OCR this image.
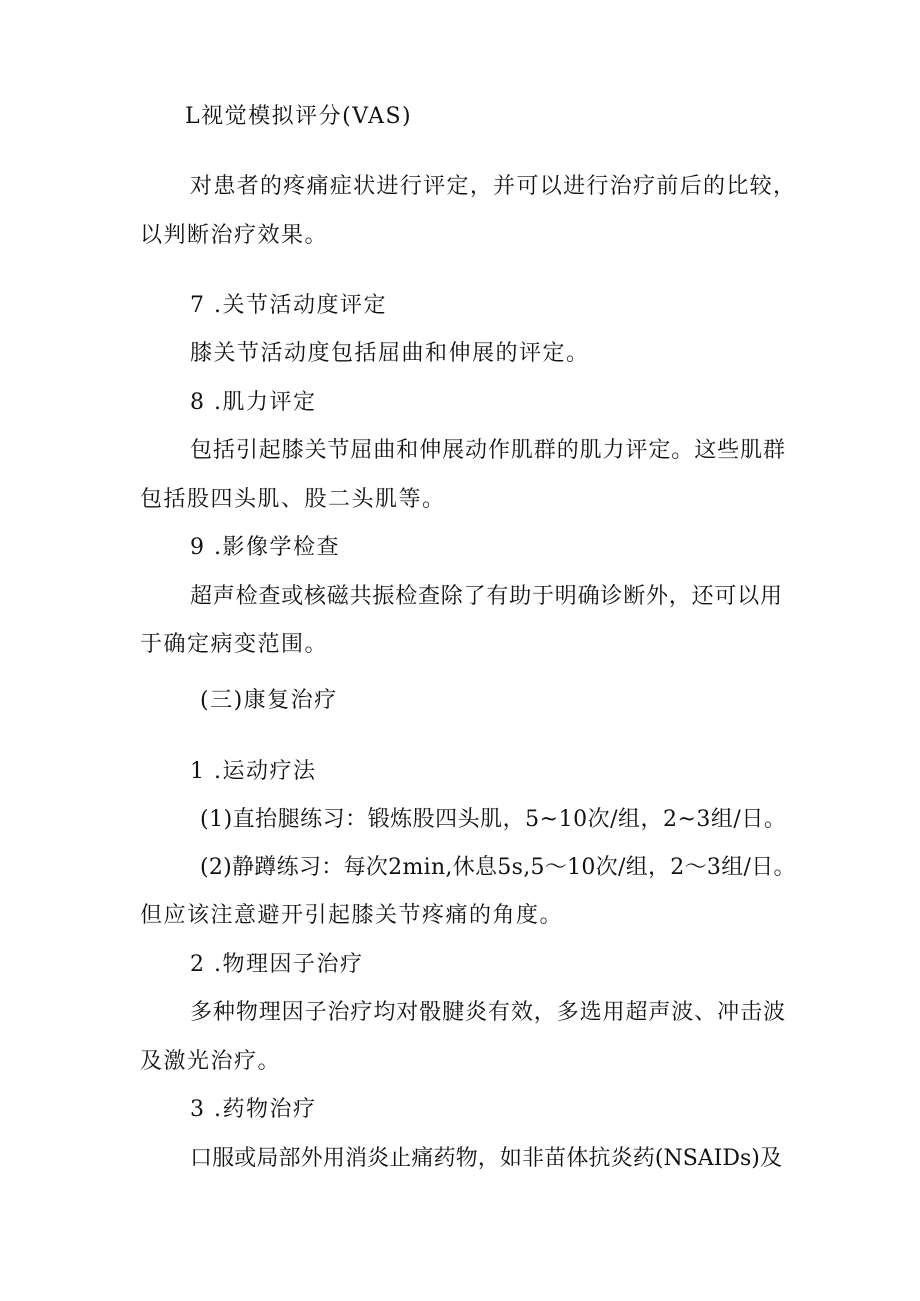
L视觉模拟评分(VAS)
对患者的疼痛症状进行评定，并可以进行治疗前后的比较，
以判断治疗效果。
7 .关节活动度评定
膝关节活动度包括屈曲和伸展的评定。
8 .肌力评定
包括引起膝关节屈曲和伸展动作肌群的肌力评定。这些肌群
包括股四头肌、股二头肌等。
9 .影像学检查
超声检查或核磁共振检查除了有助于明确诊断外，还可以用
于确定病变范围。
(三)康复治疗
1 .运动疗法
(1)直抬腿练习：锻炼股四头肌，5~10次/组，2~3组/日。
(2)静蹲练习：每次2min,休息5s,5～10次/组，2～3组/日。
但应该注意避开引起膝关节疼痛的角度。
2 .物理因子治疗
多种物理因子治疗均对骰腱炎有效，多选用超声波、冲击波
及激光治疗。
3 .药物治疗
口服或局部外用消炎止痛药物，如非苗体抗炎药(NSAIDs)及
